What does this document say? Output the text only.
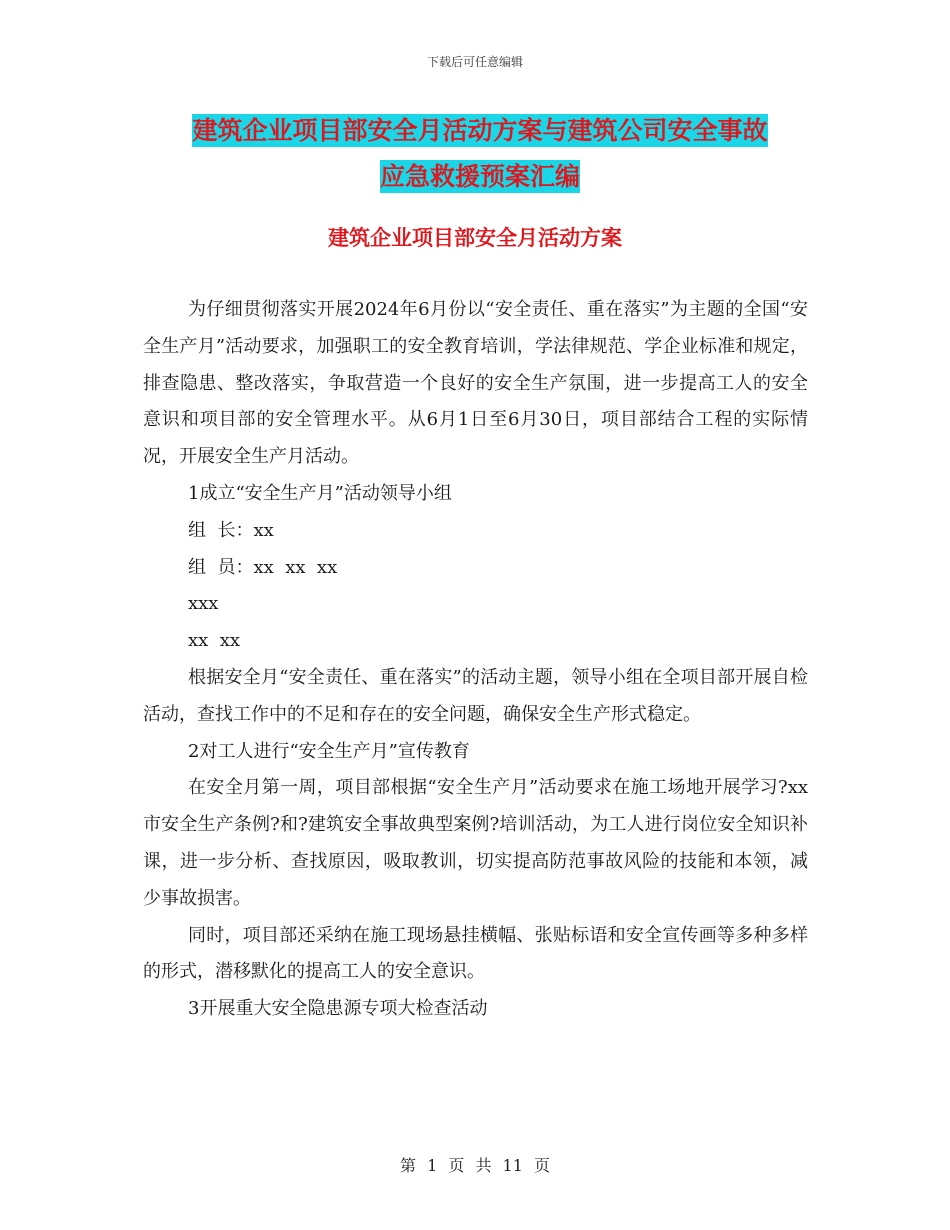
下载后可任意编辑
建筑企业项目部安全月活动方案与建筑公司安全事故
应急救援预案汇编
建筑企业项目部安全月活动方案

为仔细贯彻落实开展2024年6月份以“安全责任、重在落实”为主题的全国“安全生产月”活动要求，加强职工的安全教育培训，学法律规范、学企业标准和规定，排查隐患、整改落实，争取营造一个良好的安全生产氛围，进一步提高工人的安全意识和项目部的安全管理水平。从6月1日至6月30日，项目部结合工程的实际情况，开展安全生产月活动。

1成立“安全生产月”活动领导小组

组  长：xx

组  员：xx  xx  xx

xxx

xx  xx

根据安全月“安全责任、重在落实”的活动主题，领导小组在全项目部开展自检活动，查找工作中的不足和存在的安全问题，确保安全生产形式稳定。

2对工人进行“安全生产月”宣传教育

在安全月第一周，项目部根据“安全生产月”活动要求在施工场地开展学习?xx市安全生产条例?和?建筑安全事故典型案例?培训活动，为工人进行岗位安全知识补课，进一步分析、查找原因，吸取教训，切实提高防范事故风险的技能和本领，减少事故损害。

同时，项目部还采纳在施工现场悬挂横幅、张贴标语和安全宣传画等多种多样的形式，潜移默化的提高工人的安全意识。

3开展重大安全隐患源专项大检查活动

第 1 页 共 11 页
